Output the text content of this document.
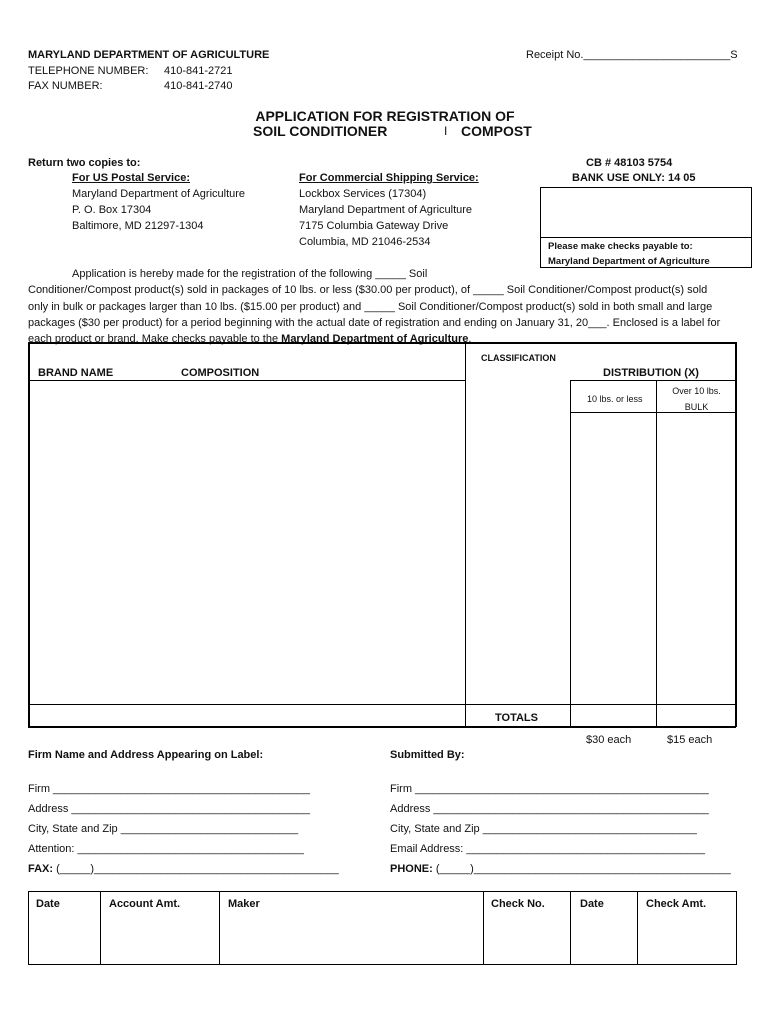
MARYLAND DEPARTMENT OF AGRICULTURE
TELEPHONE NUMBER: 410-841-2721
FAX NUMBER:	410-841-2740
Receipt No.________________________S
APPLICATION FOR REGISTRATION OF
SOIL CONDITIONER	I COMPOST
Return two copies to:
For US Postal Service:
Maryland Department of Agriculture
P. O. Box 17304
Baltimore, MD 21297-1304
For Commercial Shipping Service:
Lockbox Services (17304)
Maryland Department of Agriculture
7175 Columbia Gateway Drive
Columbia, MD 21046-2534
CB # 48103 5754
BANK USE ONLY: 14 05
Please make checks payable to:
Maryland Department of Agriculture

Application is hereby made for the registration of the following _____ Soil

Conditioner/Compost product(s) sold in packages of 10 lbs. or less ($30.00 per product), of _____ Soil Conditioner/Compost product(s) sold

only in bulk or packages larger than 10 lbs. ($15.00 per product) and _____ Soil Conditioner/Compost product(s) sold in both small and large

packages ($30 per product) for a period beginning with the actual date of registration and ending on January 31, 20___. Enclosed is a label for

each product or brand. Make checks payable to the Maryland Department of Agriculture.

BRAND NAME	COMPOSITION
CLASSIFICATION
DISTRIBUTION (X)
10 lbs. or less
Over 10 lbs.
BULK
TOTALS
$30 each	$15 each
Firm Name and Address Appearing on Label:	Submitted By:
Firm __________________________________________
Address _______________________________________
City, State and Zip _____________________________
Attention: _____________________________________
FAX: (_____)________________________________________
Firm ________________________________________________
Address _____________________________________________
City, State and Zip ___________________________________
Email Address: _______________________________________
PHONE: (_____)__________________________________________
Date	Account Amt.	Maker	Check No.	Date	Check Amt.
